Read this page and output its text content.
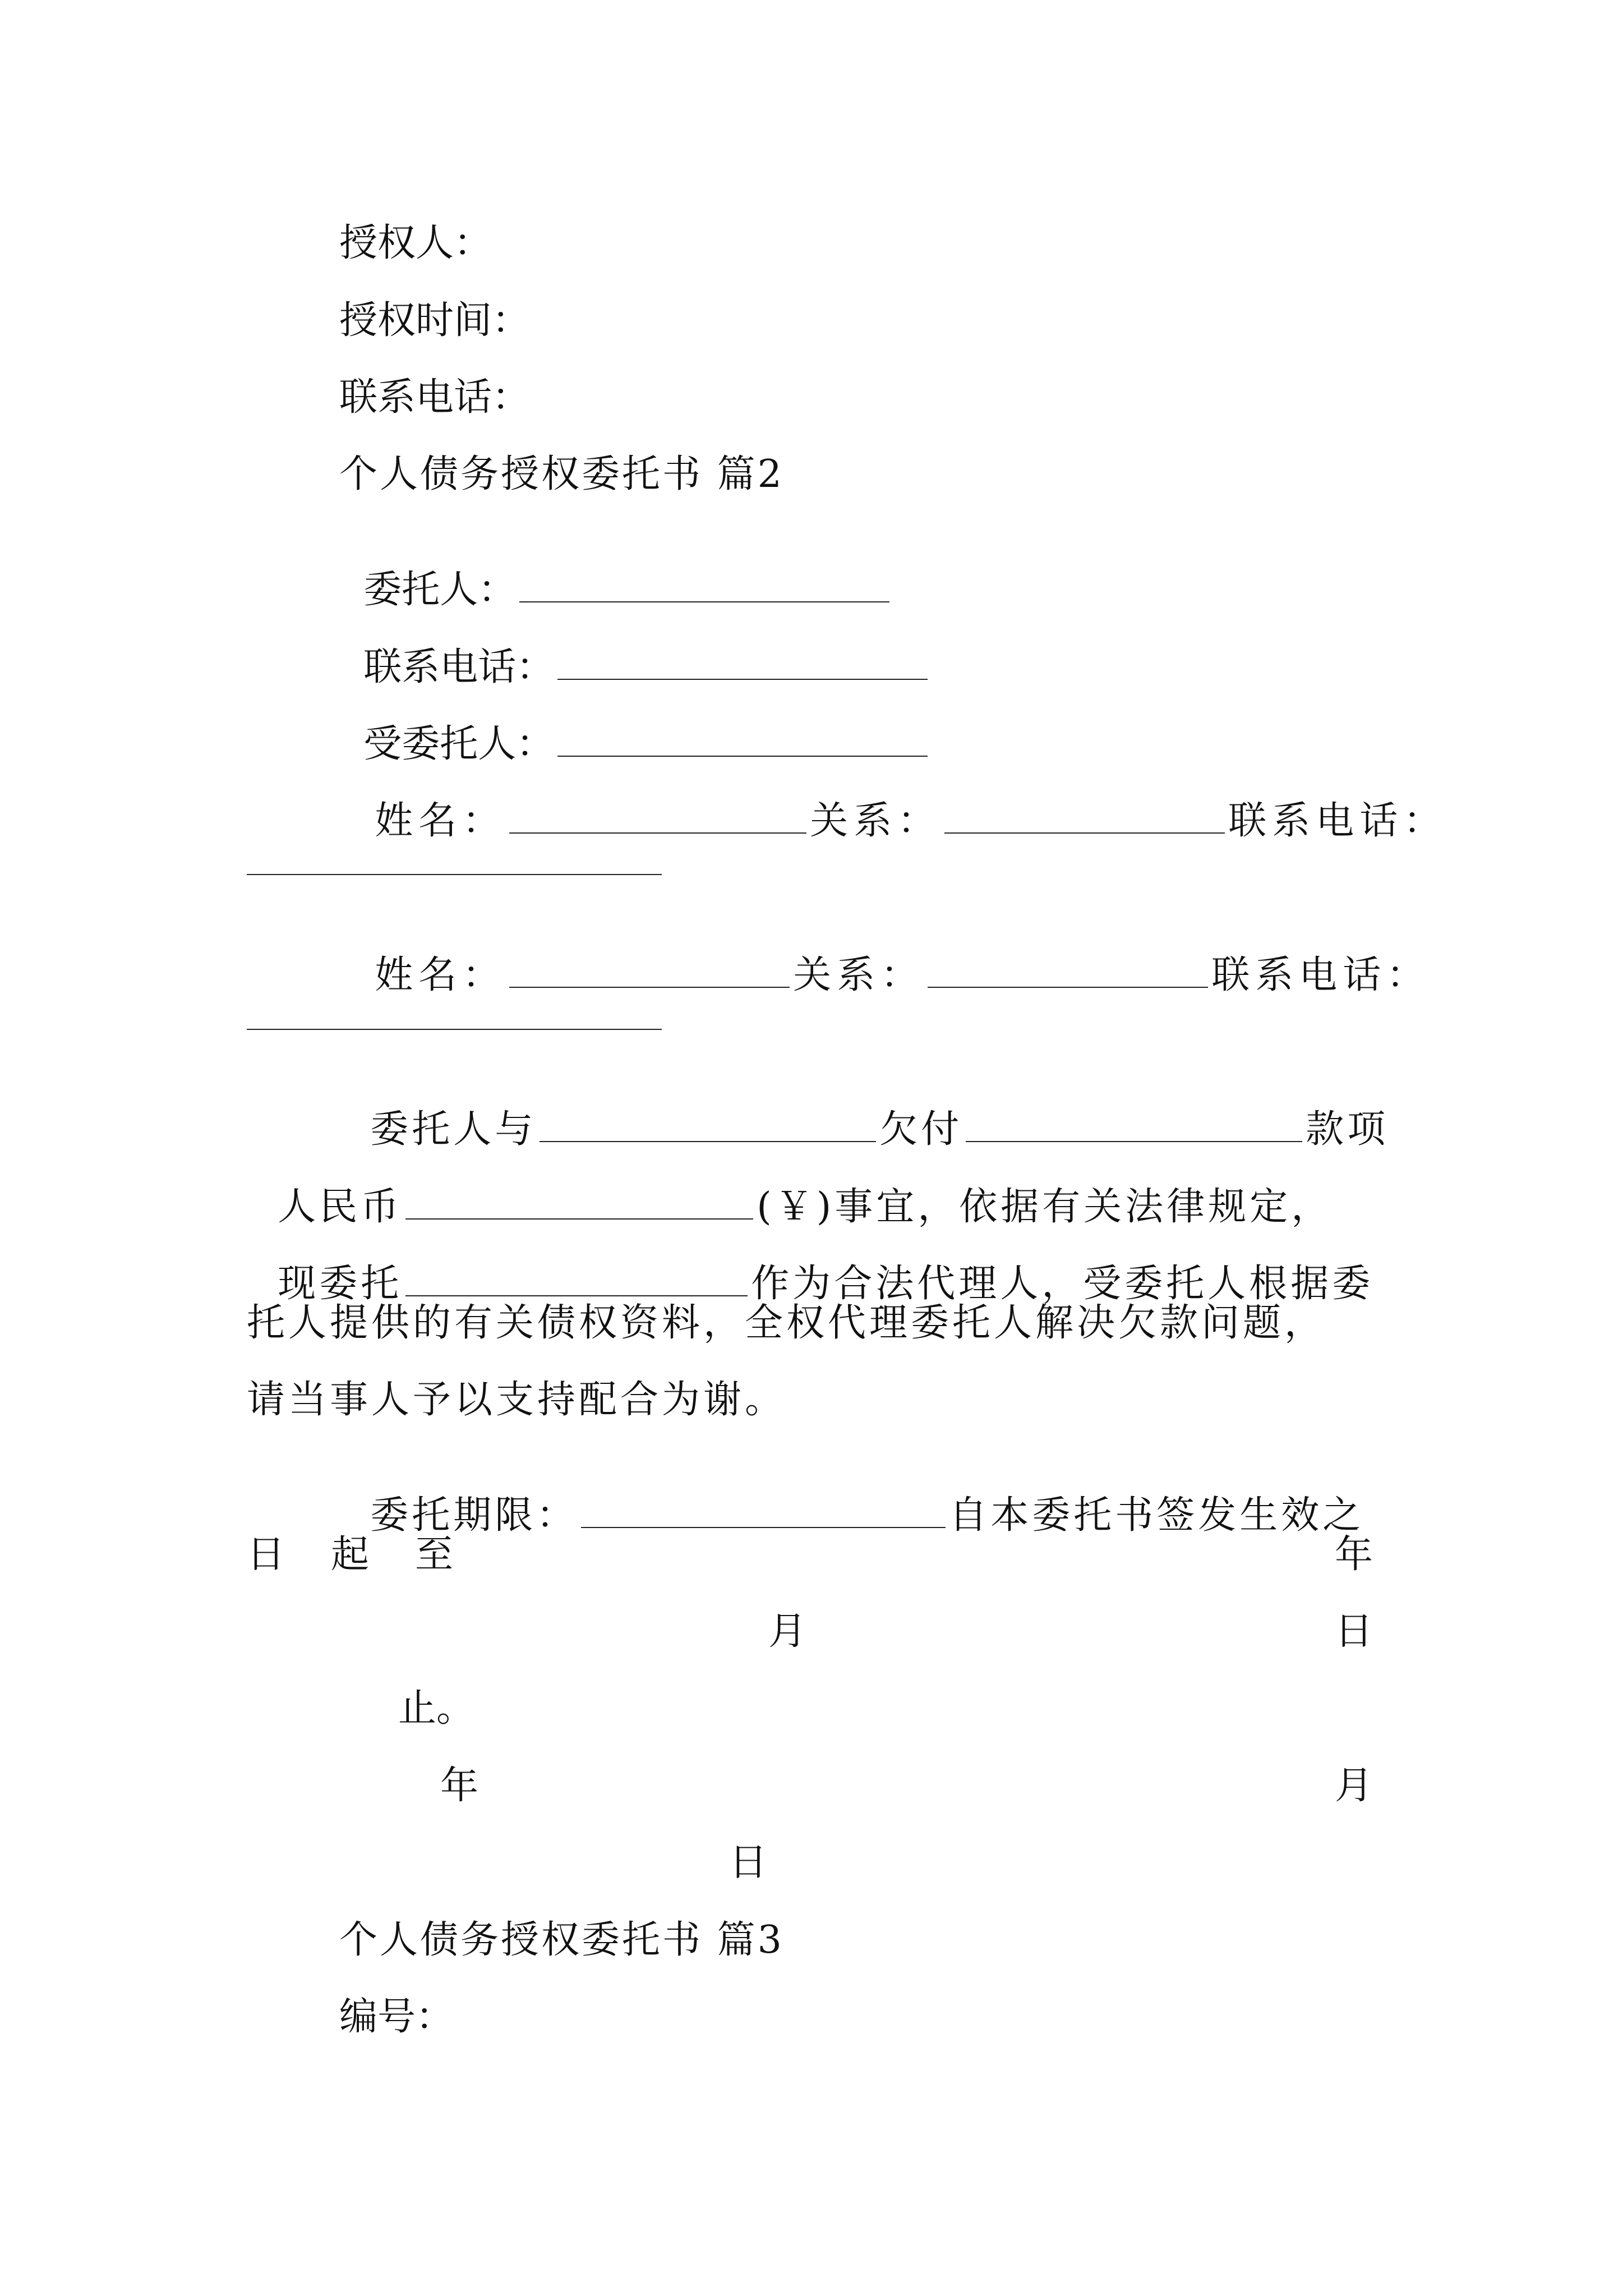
授权人：
授权时间：
联系电话：
个人债务授权委托书 篇2

委托人：

联系电话：

受委托人：

姓名：	关系：	联系电话：

姓名：	关系：	联系电话：

委托人与	欠付	款项

人民币	(￥)事宜，依据有关法律规定，

现委托	作为合法代理人，受委托人根据委

托人提供的有关债权资料，全权代理委托人解决欠款问题，
请当事人予以支持配合为谢。

委托期限：	自本委托书签发生效之

日 起 至	年
月	日
止。
年	月
日
个人债务授权委托书 篇3
编号：
